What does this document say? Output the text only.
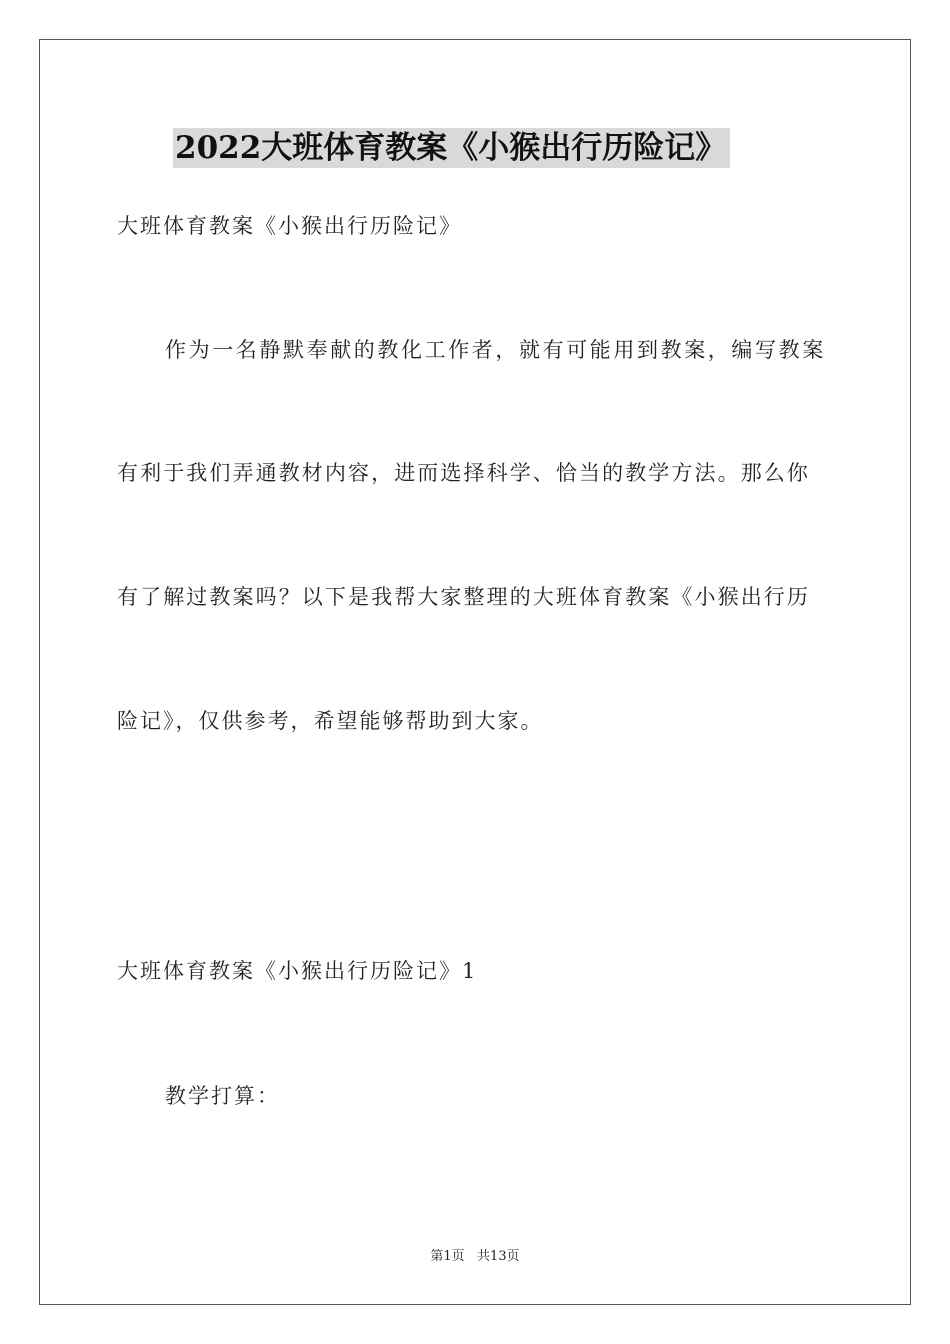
2022大班体育教案《小猴出行历险记》
大班体育教案《小猴出行历险记》
作为一名静默奉献的教化工作者，就有可能用到教案，编写教案
有利于我们弄通教材内容，进而选择科学、恰当的教学方法。那么你
有了解过教案吗？以下是我帮大家整理的大班体育教案《小猴出行历
险记》，仅供参考，希望能够帮助到大家。
大班体育教案《小猴出行历险记》1
教学打算：
第1页   共13页
